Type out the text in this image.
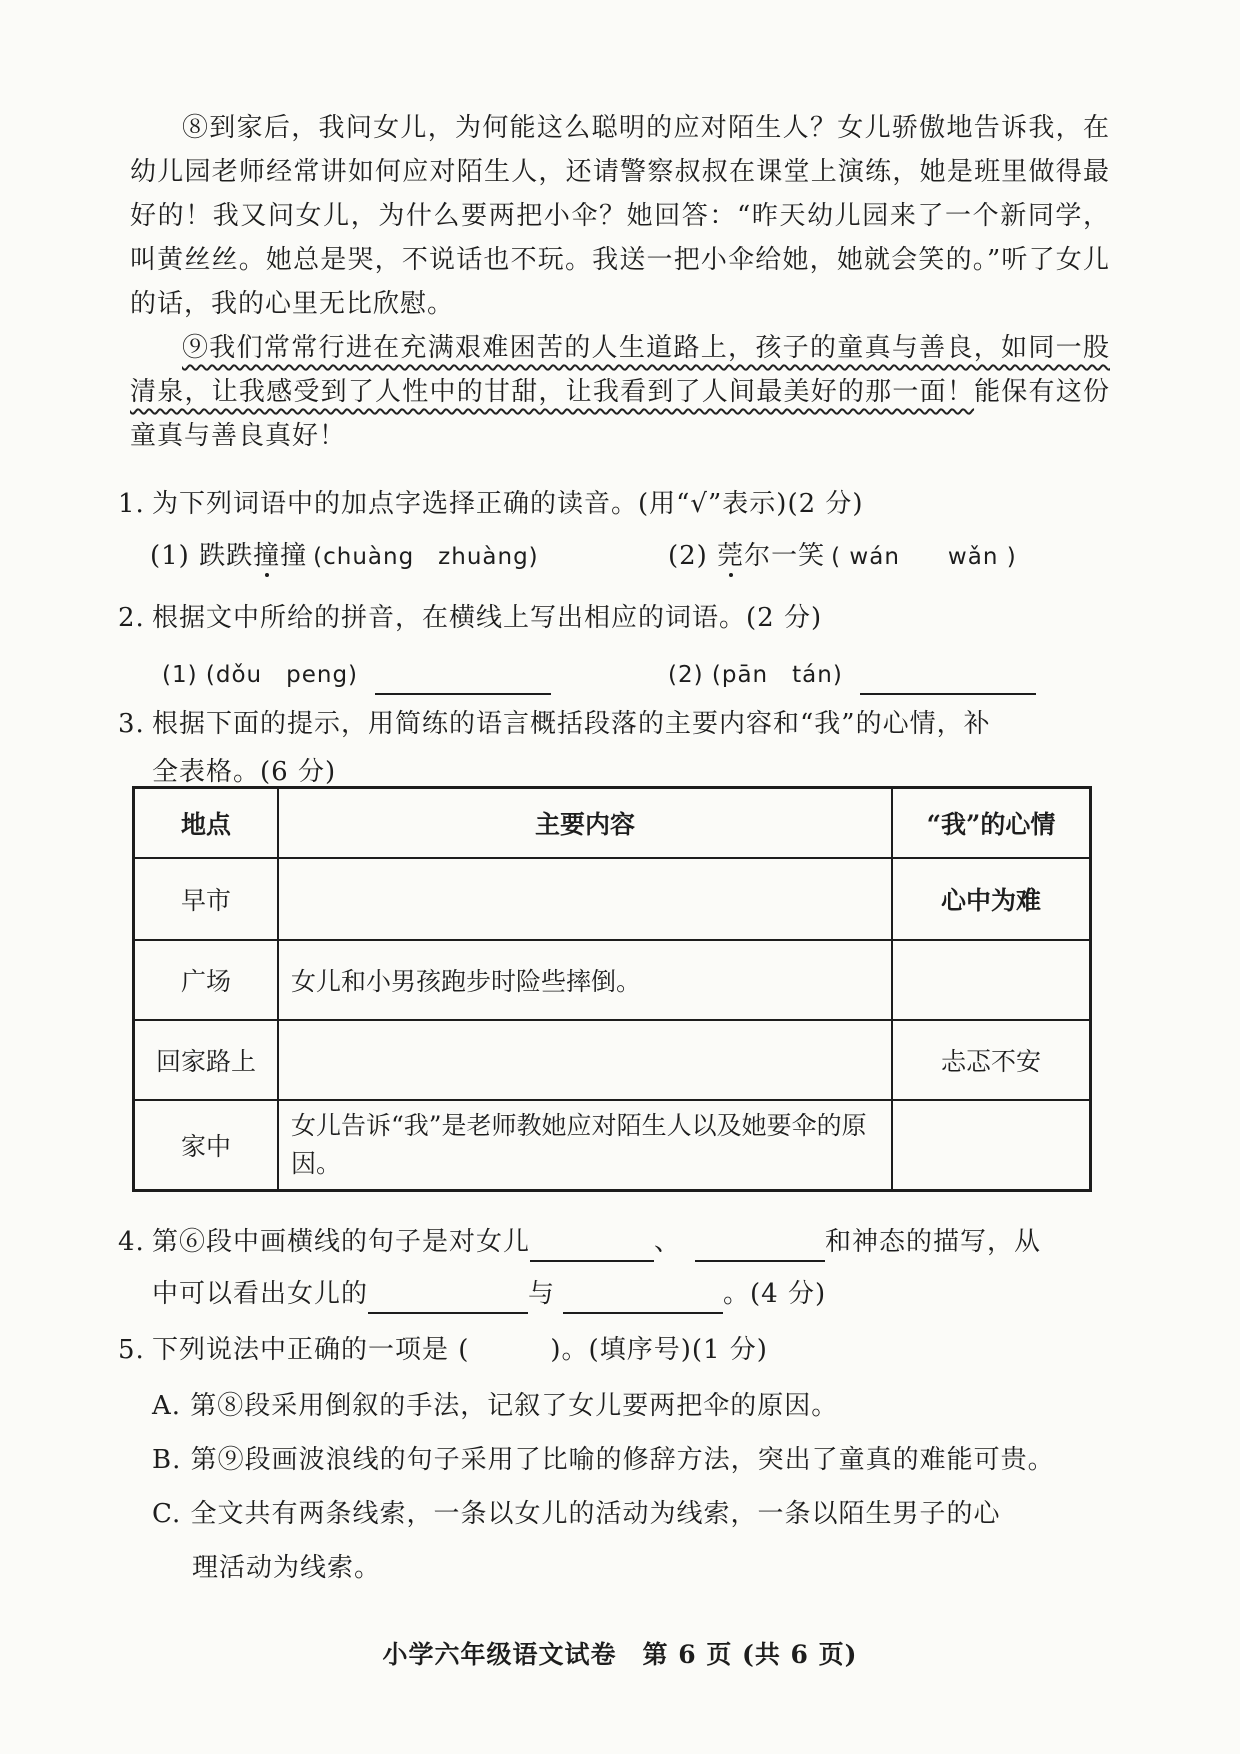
⑧到家后，我问女儿，为何能这么聪明的应对陌生人？女儿骄傲地告诉我，在幼儿园老师经常讲如何应对陌生人，还请警察叔叔在课堂上演练，她是班里做得最好的！我又问女儿，为什么要两把小伞？她回答：“昨天幼儿园来了一个新同学，叫黄丝丝。她总是哭，不说话也不玩。我送一把小伞给她，她就会笑的。”听了女儿的话，我的心里无比欣慰。
⑨我们常常行进在充满艰难困苦的人生道路上，孩子的童真与善良，如同一股清泉，让我感受到了人性中的甘甜，让我看到了人间最美好的那一面！能保有这份童真与善良真好！
1. 为下列词语中的加点字选择正确的读音。(用“√”表示)(2 分)
(1) 跌跌撞撞 (chuàng　zhuàng)	(2) 莞尔一笑 ( wán　　wǎn )
2. 根据文中所给的拼音，在横线上写出相应的词语。(2 分)
(1) (dǒu　peng)	(2) (pān　tán)
3. 根据下面的提示，用简练的语言概括段落的主要内容和“我”的心情，补
全表格。(6 分)
地点	主要内容	“我”的心情
早市		心中为难
广场	女儿和小男孩跑步时险些摔倒。	
回家路上		忐忑不安
家中	女儿告诉“我”是老师教她应对陌生人以及她要伞的原因。	
4. 第⑥段中画横线的句子是对女儿	、	和神态的描写，从
中可以看出女儿的	与	。(4 分)
5. 下列说法中正确的一项是 (　　　)。(填序号)(1 分)
A. 第⑧段采用倒叙的手法，记叙了女儿要两把伞的原因。
B. 第⑨段画波浪线的句子采用了比喻的修辞方法，突出了童真的难能可贵。
C. 全文共有两条线索，一条以女儿的活动为线索，一条以陌生男子的心
理活动为线索。
小学六年级语文试卷　第 6 页 (共 6 页)
